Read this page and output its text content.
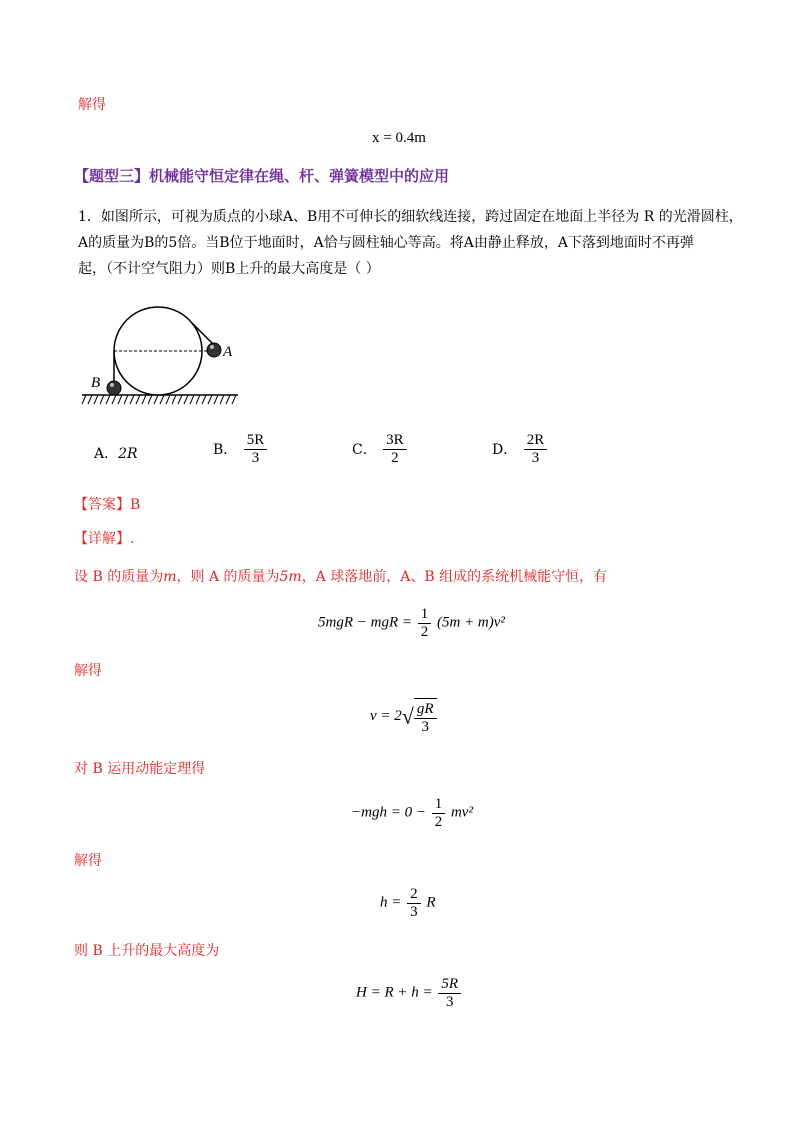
解得
x = 0.4m
【题型三】机械能守恒定律在绳、杆、弹簧模型中的应用
1．如图所示，可视为质点的小球A、B用不可伸长的细软线连接，跨过固定在地面上半径为 R 的光滑圆柱，
A的质量为B的5倍。当B位于地面时，A恰与圆柱轴心等高。将A由静止释放，A下落到地面时不再弹
起，（不计空气阻力）则B上升的最大高度是（ ）
A
B
A．2R	B． $\frac{5R}{3}$	C． $\frac{3R}{2}$	D． $\frac{2R}{3}$
【答案】B
【详解】.
设 B 的质量为m，则 A 的质量为5m，A 球落地前，A、B 组成的系统机械能守恒，有
5mgR − mgR = $\frac{1}{2} (5m + m)v^2$
解得
$v = 2√ \frac{gR}{3}$
对 B 运用动能定理得
$-mgh = 0 - \frac{1}{2} mv^2$
解得
$h = \frac{2}{3}$ R
则 B 上升的最大高度为
$H = R + h = \frac{5R}{3}$
